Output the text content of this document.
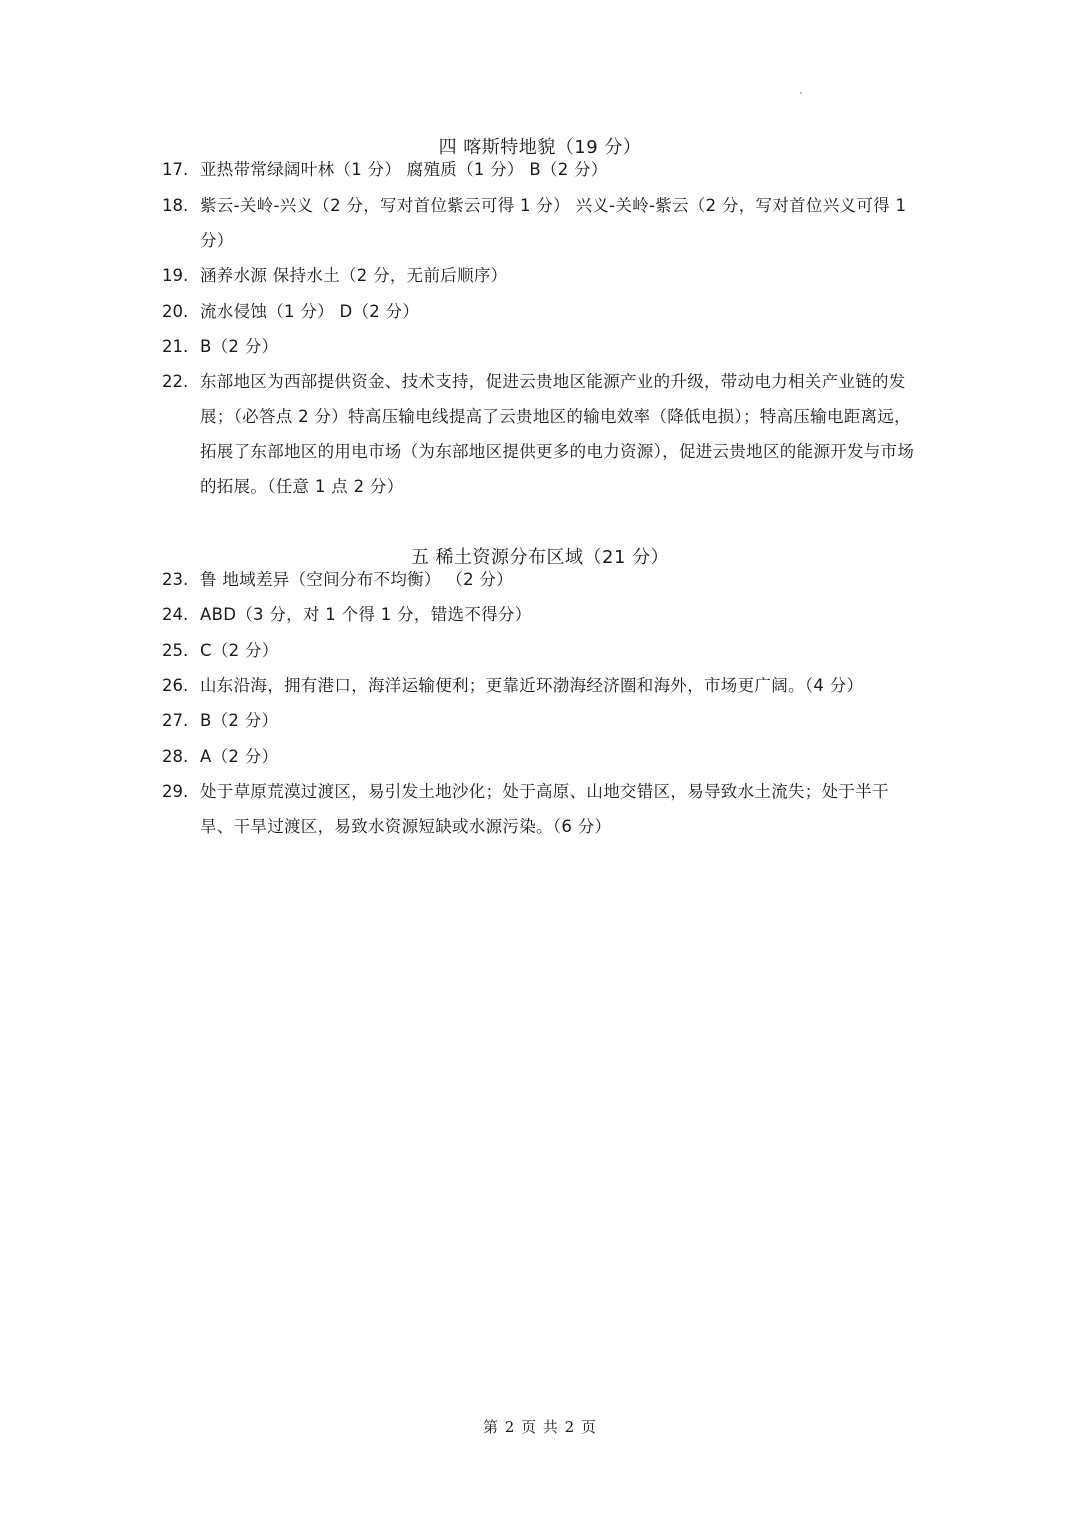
四 喀斯特地貌（19 分）
17. 亚热带常绿阔叶林（1 分） 腐殖质（1 分） B（2 分）
18. 紫云-关岭-兴义（2 分，写对首位紫云可得 1 分） 兴义-关岭-紫云（2 分，写对首位兴义可得 1 分）
19. 涵养水源 保持水土（2 分，无前后顺序）
20. 流水侵蚀（1 分） D（2 分）
21. B（2 分）
22. 东部地区为西部提供资金、技术支持，促进云贵地区能源产业的升级，带动电力相关产业链的发展；（必答点 2 分）特高压输电线提高了云贵地区的输电效率（降低电损）；特高压输电距离远，拓展了东部地区的用电市场（为东部地区提供更多的电力资源），促进云贵地区的能源开发与市场的拓展。（任意 1 点 2 分）
五 稀土资源分布区域（21 分）
23. 鲁 地域差异（空间分布不均衡） （2 分）
24. ABD（3 分，对 1 个得 1 分，错选不得分）
25. C（2 分）
26. 山东沿海，拥有港口，海洋运输便利；更靠近环渤海经济圈和海外，市场更广阔。（4 分）
27. B（2 分）
28. A（2 分）
29. 处于草原荒漠过渡区，易引发土地沙化；处于高原、山地交错区，易导致水土流失；处于半干旱、干旱过渡区，易致水资源短缺或水源污染。（6 分）
第 2 页 共 2 页
